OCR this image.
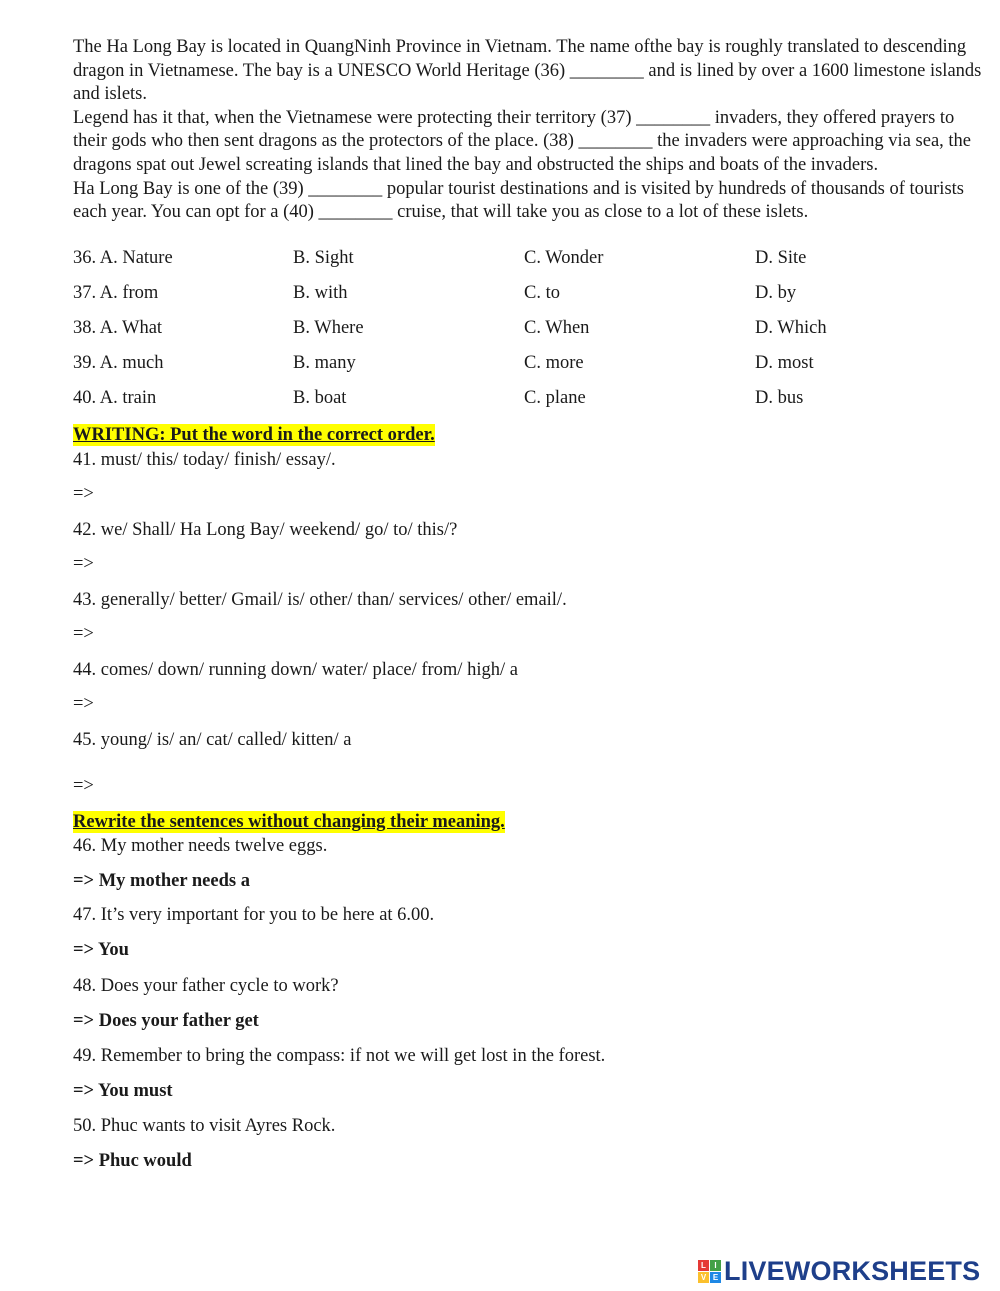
The Ha Long Bay is located in QuangNinh Province in Vietnam. The name ofthe bay is roughly translated to descending dragon in Vietnamese. The bay is a UNESCO World Heritage (36) ________ and is lined by over a 1600 limestone islands and islets.

Legend has it that, when the Vietnamese were protecting their territory (37) ________ invaders, they offered prayers to their gods who then sent dragons as the protectors of the place. (38) ________ the invaders were approaching via sea, the dragons spat out Jewel screating islands that lined the bay and obstructed the ships and boats of the invaders.

Ha Long Bay is one of the (39) ________ popular tourist destinations and is visited by hundreds of thousands of tourists each year. You can opt for a (40) ________ cruise, that will take you as close to a lot of these islets.

36. A. Nature	B. Sight	C. Wonder	D. Site
37. A. from	B. with	C. to	D. by
38. A. What	B. Where	C. When	D. Which
39. A. much	B. many	C. more	D. most
40. A. train	B. boat	C. plane	D. bus
WRITING: Put the word in the correct order.
41. must/ this/ today/ finish/ essay/.
=>
42. we/ Shall/ Ha Long Bay/ weekend/ go/ to/ this/?
=>
43. generally/ better/ Gmail/ is/ other/ than/ services/ other/ email/.
=>
44. comes/ down/ running down/ water/ place/ from/ high/ a
=>
45. young/ is/ an/ cat/ called/ kitten/ a
=>
Rewrite the sentences without changing their meaning.
46. My mother needs twelve eggs.
=> My mother needs a
47. It’s very important for you to be here at 6.00.
=> You
48. Does your father cycle to work?
=> Does your father get
49. Remember to bring the compass: if not we will get lost in the forest.
=> You must
50. Phuc wants to visit Ayres Rock.
=> Phuc would
L	I
V E LIVEWORKSHEETS
